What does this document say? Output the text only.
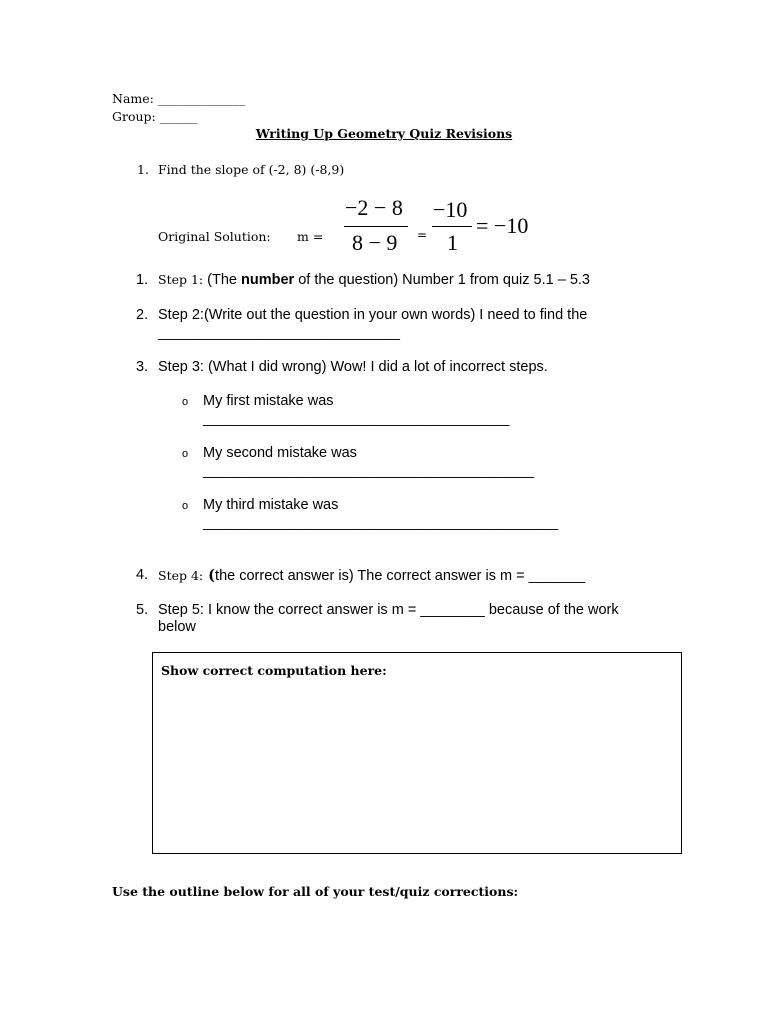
Name: ______________
Group: ______
Writing Up Geometry Quiz Revisions
1. Find the slope of (-2, 8) (-8,9)
Original Solution: m =
−2 − 8
8 − 9 =
−10
1
= −10
1. Step 1: (The number of the question) Number 1 from quiz 5.1 – 5.3
2. Step 2:(Write out the question in your own words) I need to find the
______________________________
3. Step 3: (What I did wrong) Wow! I did a lot of incorrect steps.
o My first mistake was
______________________________________
o My second mistake was
_________________________________________
o My third mistake was
____________________________________________
4. Step 4: (the correct answer is) The correct answer is m = _______
5. Step 5: I know the correct answer is m = ________ because of the work
below
Show correct computation here:
Use the outline below for all of your test/quiz corrections:
